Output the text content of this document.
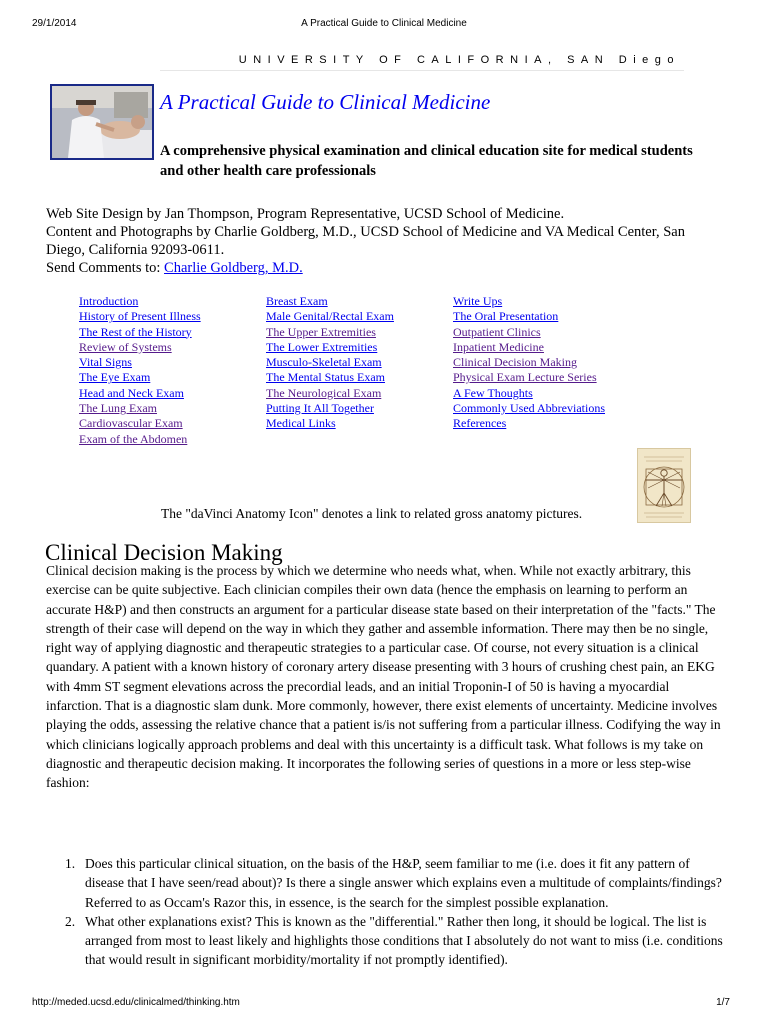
29/1/2014	A Practical Guide to Clinical Medicine
UNIVERSITY OF CALIFORNIA, SAN Diego
A Practical Guide to Clinical Medicine

A comprehensive physical examination and clinical education site for medical students and other health care professionals

Web Site Design by Jan Thompson, Program Representative, UCSD School of Medicine.
Content and Photographs by Charlie Goldberg, M.D., UCSD School of Medicine and VA Medical Center, San Diego, California 92093-0611.
Send Comments to: Charlie Goldberg, M.D.

Introduction
History of Present Illness
The Rest of the History
Review of Systems
Vital Signs
The Eye Exam
Head and Neck Exam
The Lung Exam
Cardiovascular Exam
Exam of the Abdomen
Breast Exam
Male Genital/Rectal Exam
The Upper Extremities
The Lower Extremities
Musculo-Skeletal Exam
The Mental Status Exam
The Neurological Exam
Putting It All Together
Medical Links
Write Ups
The Oral Presentation
Outpatient Clinics
Inpatient Medicine
Clinical Decision Making
Physical Exam Lecture Series
A Few Thoughts
Commonly Used Abbreviations
References

The "daVinci Anatomy Icon" denotes a link to related gross anatomy pictures.

Clinical Decision Making

Clinical decision making is the process by which we determine who needs what, when. While not exactly arbitrary, this exercise can be quite subjective. Each clinician compiles their own data (hence the emphasis on learning to perform an accurate H&P) and then constructs an argument for a particular disease state based on their interpretation of the "facts." The strength of their case will depend on the way in which they gather and assemble information. There may then be no single, right way of applying diagnostic and therapeutic strategies to a particular case. Of course, not every situation is a clinical quandary. A patient with a known history of coronary artery disease presenting with 3 hours of crushing chest pain, an EKG with 4mm ST segment elevations across the precordial leads, and an initial Troponin-I of 50 is having a myocardial infarction. That is a diagnostic slam dunk. More commonly, however, there exist elements of uncertainty. Medicine involves playing the odds, assessing the relative chance that a patient is/is not suffering from a particular illness. Codifying the way in which clinicians logically approach problems and deal with this uncertainty is a difficult task. What follows is my take on diagnostic and therapeutic decision making. It incorporates the following series of questions in a more or less step-wise fashion:

1. Does this particular clinical situation, on the basis of the H&P, seem familiar to me (i.e. does it fit any pattern of disease that I have seen/read about)? Is there a single answer which explains even a multitude of complaints/findings? Referred to as Occam's Razor this, in essence, is the search for the simplest possible explanation.
2. What other explanations exist? This is known as the "differential." Rather then long, it should be logical. The list is arranged from most to least likely and highlights those conditions that I absolutely do not want to miss (i.e. conditions that would result in significant morbidity/mortality if not promptly identified).
http://meded.ucsd.edu/clinicalmed/thinking.htm	1/7
